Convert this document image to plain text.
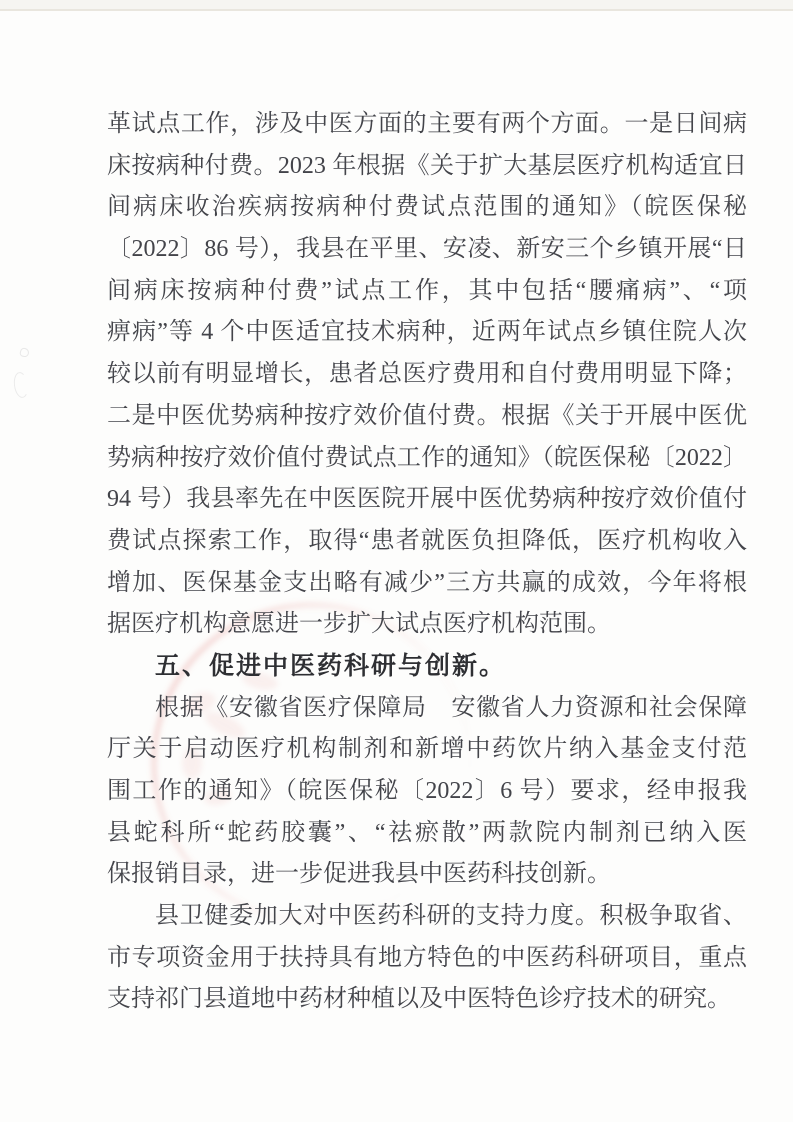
革试点工作，涉及中医方面的主要有两个方面。一是日间病
床按病种付费。2023 年根据《关于扩大基层医疗机构适宜日
间病床收治疾病按病种付费试点范围的通知》（皖医保秘
〔2022〕86 号），我县在平里、安凌、新安三个乡镇开展“日
间病床按病种付费”试点工作，其中包括“腰痛病”、“项
痹病”等 4 个中医适宜技术病种，近两年试点乡镇住院人次
较以前有明显增长，患者总医疗费用和自付费用明显下降；
二是中医优势病种按疗效价值付费。根据《关于开展中医优
势病种按疗效价值付费试点工作的通知》（皖医保秘〔2022〕
94 号）我县率先在中医医院开展中医优势病种按疗效价值付
费试点探索工作，取得“患者就医负担降低，医疗机构收入
增加、医保基金支出略有减少”三方共赢的成效，今年将根
据医疗机构意愿进一步扩大试点医疗机构范围。
五、促进中医药科研与创新。
根据《安徽省医疗保障局　安徽省人力资源和社会保障
厅关于启动医疗机构制剂和新增中药饮片纳入基金支付范
围工作的通知》（皖医保秘〔2022〕6 号）要求，经申报我
县蛇科所“蛇药胶囊”、“祛瘀散”两款院内制剂已纳入医
保报销目录，进一步促进我县中医药科技创新。
县卫健委加大对中医药科研的支持力度。积极争取省、
市专项资金用于扶持具有地方特色的中医药科研项目，重点
支持祁门县道地中药材种植以及中医特色诊疗技术的研究。
